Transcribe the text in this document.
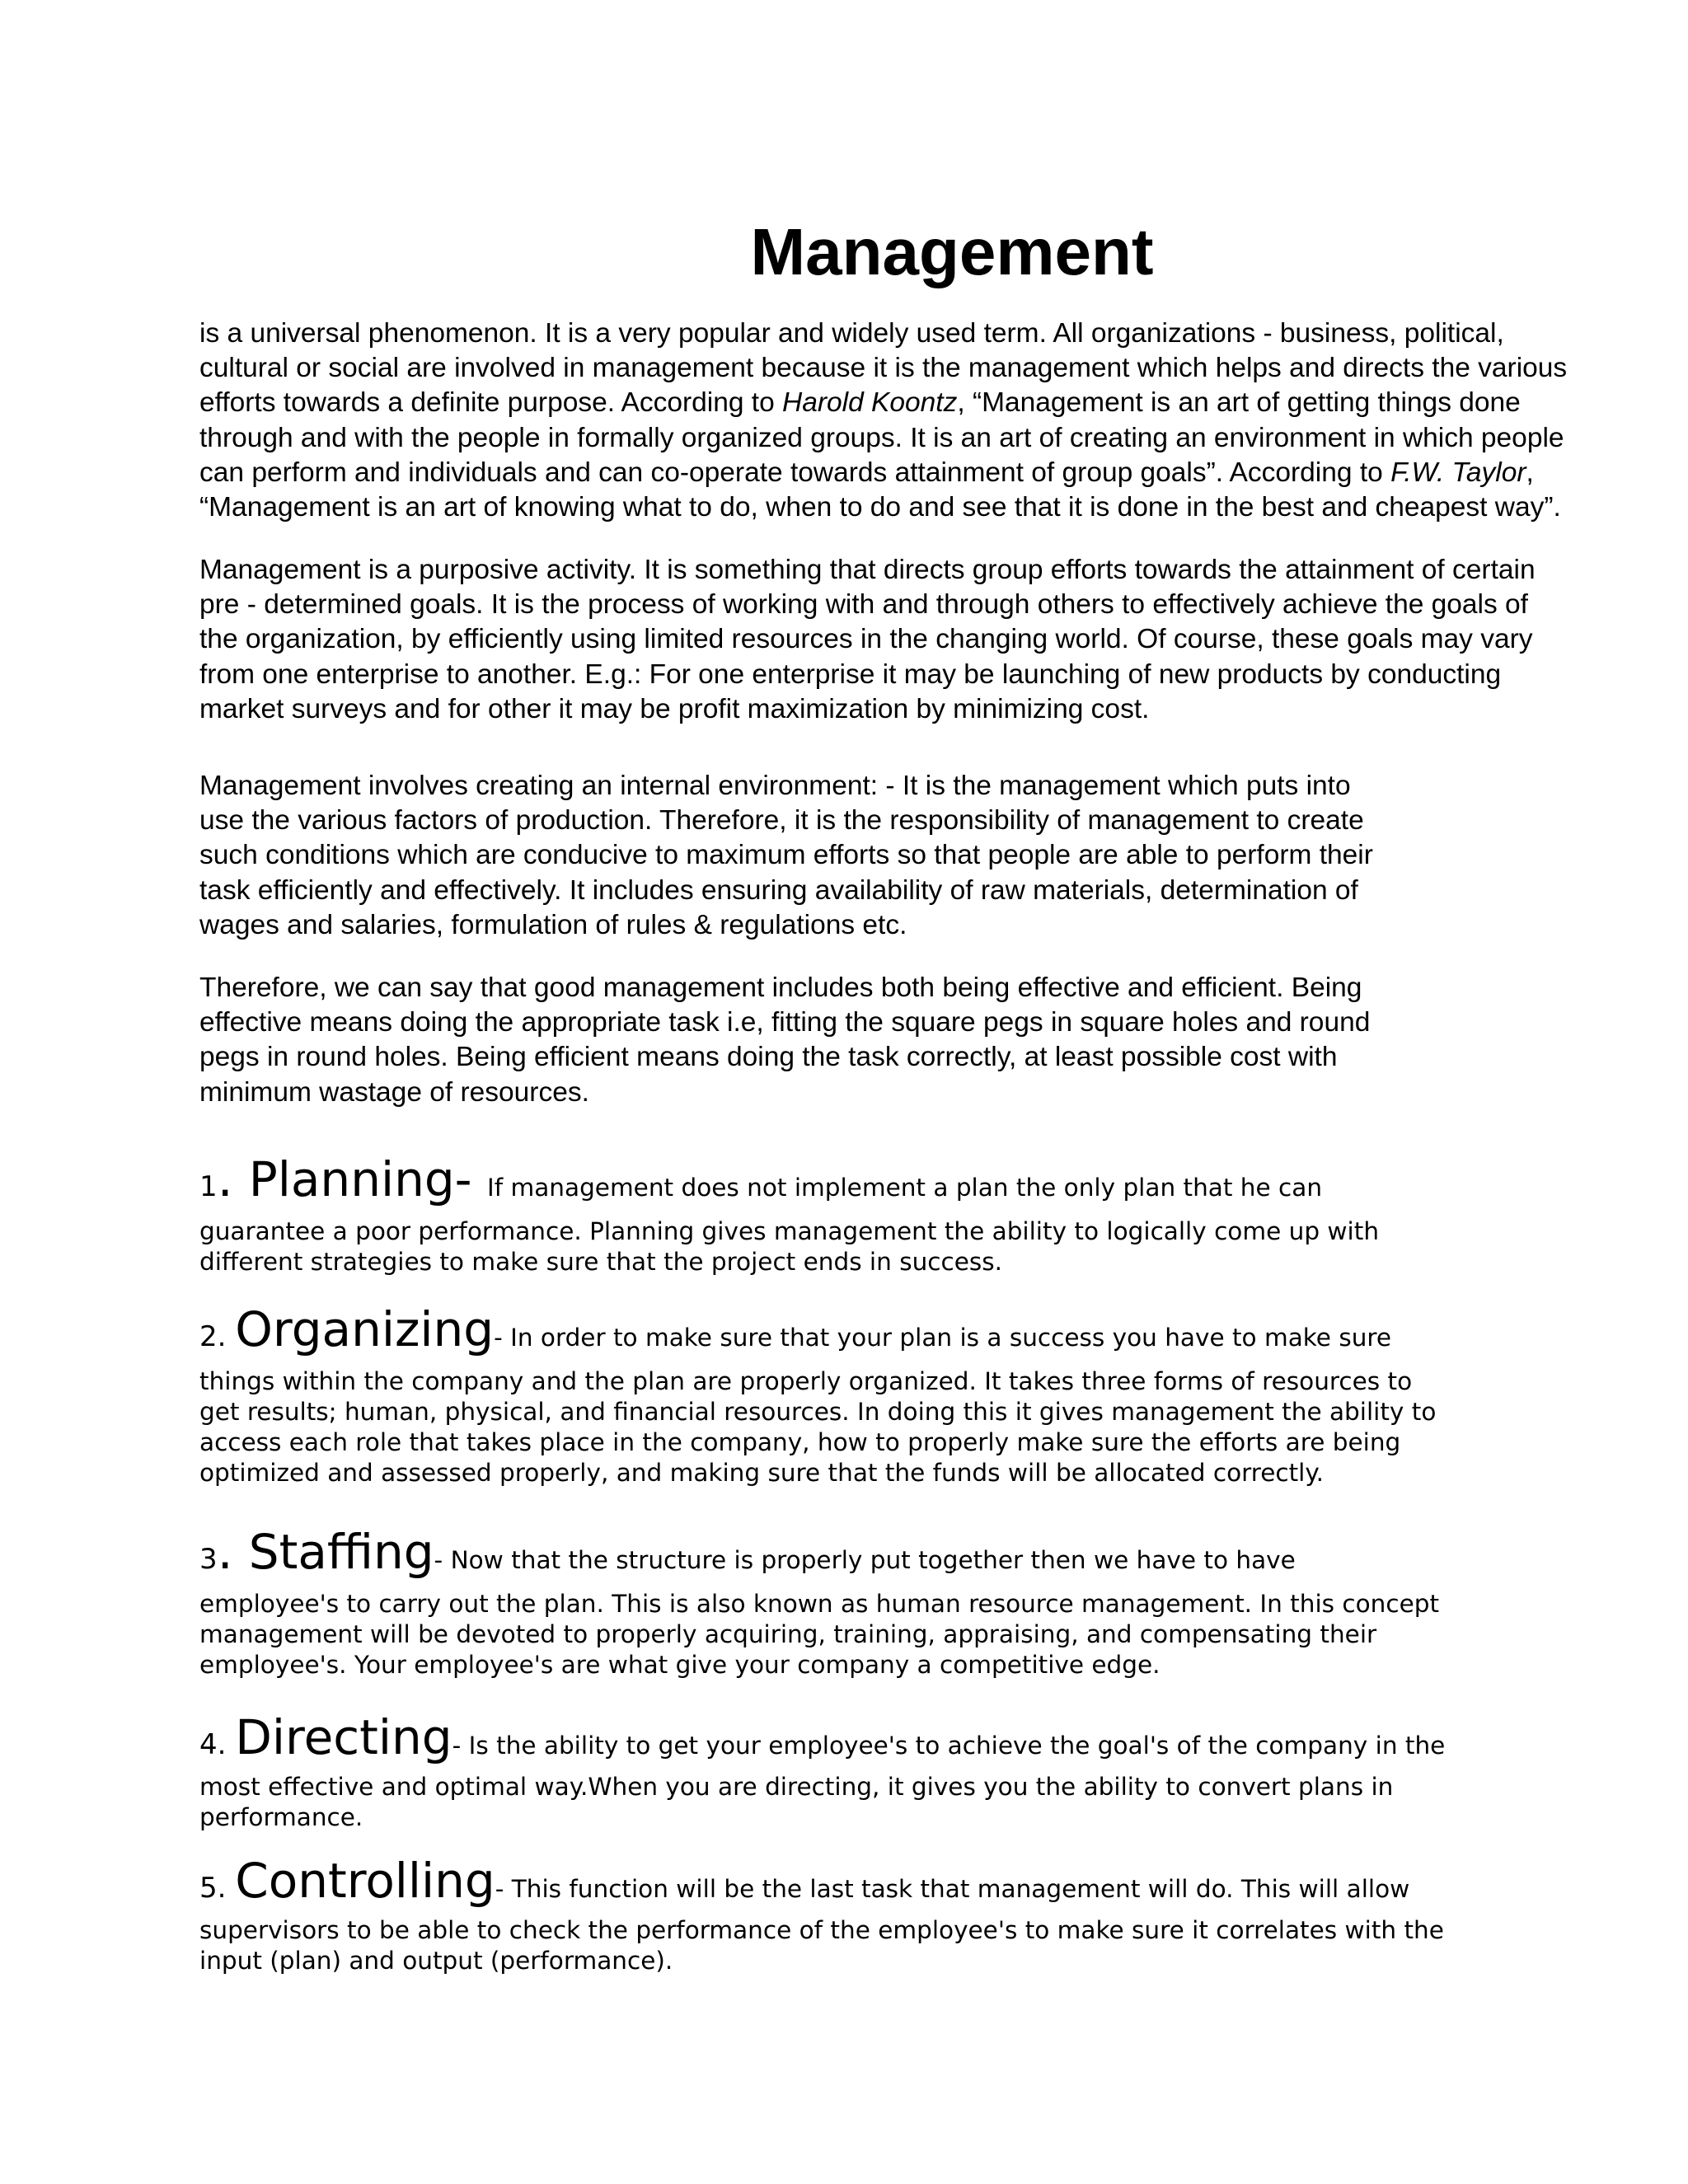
Management
is a universal phenomenon. It is a very popular and widely used term. All organizations - business, political,
cultural or social are involved in management because it is the management which helps and directs the various
efforts towards a definite purpose. According to Harold Koontz, “Management is an art of getting things done
through and with the people in formally organized groups. It is an art of creating an environment in which people
can perform and individuals and can co-operate towards attainment of group goals”. According to F.W. Taylor,
“Management is an art of knowing what to do, when to do and see that it is done in the best and cheapest way”.
Management is a purposive activity. It is something that directs group efforts towards the attainment of certain
pre - determined goals. It is the process of working with and through others to effectively achieve the goals of
the organization, by efficiently using limited resources in the changing world. Of course, these goals may vary
from one enterprise to another. E.g.: For one enterprise it may be launching of new products by conducting
market surveys and for other it may be profit maximization by minimizing cost.
Management involves creating an internal environment: - It is the management which puts into
use the various factors of production. Therefore, it is the responsibility of management to create
such conditions which are conducive to maximum efforts so that people are able to perform their
task efficiently and effectively. It includes ensuring availability of raw materials, determination of
wages and salaries, formulation of rules & regulations etc.
Therefore, we can say that good management includes both being effective and efficient. Being
effective means doing the appropriate task i.e, fitting the square pegs in square holes and round
pegs in round holes. Being efficient means doing the task correctly, at least possible cost with
minimum wastage of resources.
1. Planning- If management does not implement a plan the only plan that he can
guarantee a poor performance. Planning gives management the ability to logically come up with
different strategies to make sure that the project ends in success.
2. Organizing- In order to make sure that your plan is a success you have to make sure
things within the company and the plan are properly organized. It takes three forms of resources to
get results; human, physical, and financial resources. In doing this it gives management the ability to
access each role that takes place in the company, how to properly make sure the efforts are being
optimized and assessed properly, and making sure that the funds will be allocated correctly.
3. Staffing- Now that the structure is properly put together then we have to have
employee's to carry out the plan. This is also known as human resource management. In this concept
management will be devoted to properly acquiring, training, appraising, and compensating their
employee's. Your employee's are what give your company a competitive edge.
4. Directing- Is the ability to get your employee's to achieve the goal's of the company in the
most effective and optimal way.When you are directing, it gives you the ability to convert plans in
performance.
5. Controlling- This function will be the last task that management will do. This will allow
supervisors to be able to check the performance of the employee's to make sure it correlates with the
input (plan) and output (performance).
